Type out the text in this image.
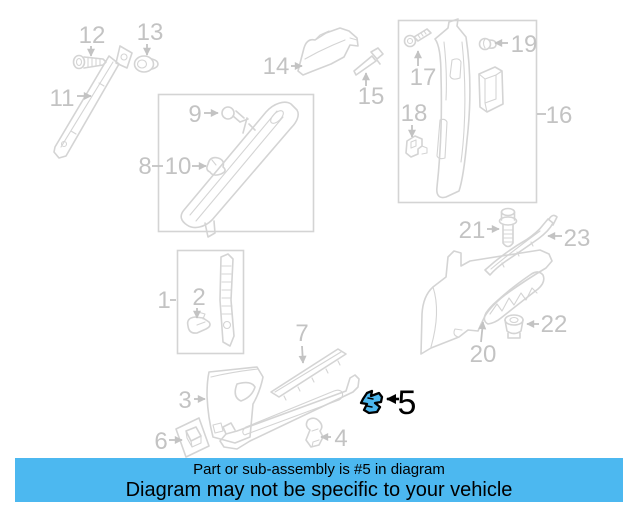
12 13
11
9
8 10
14
15
17
18
19
16
21	23
22
20
1 2
3
6
7
4
5
Part or sub-assembly is #5 in diagram
Diagram may not be specific to your vehicle
